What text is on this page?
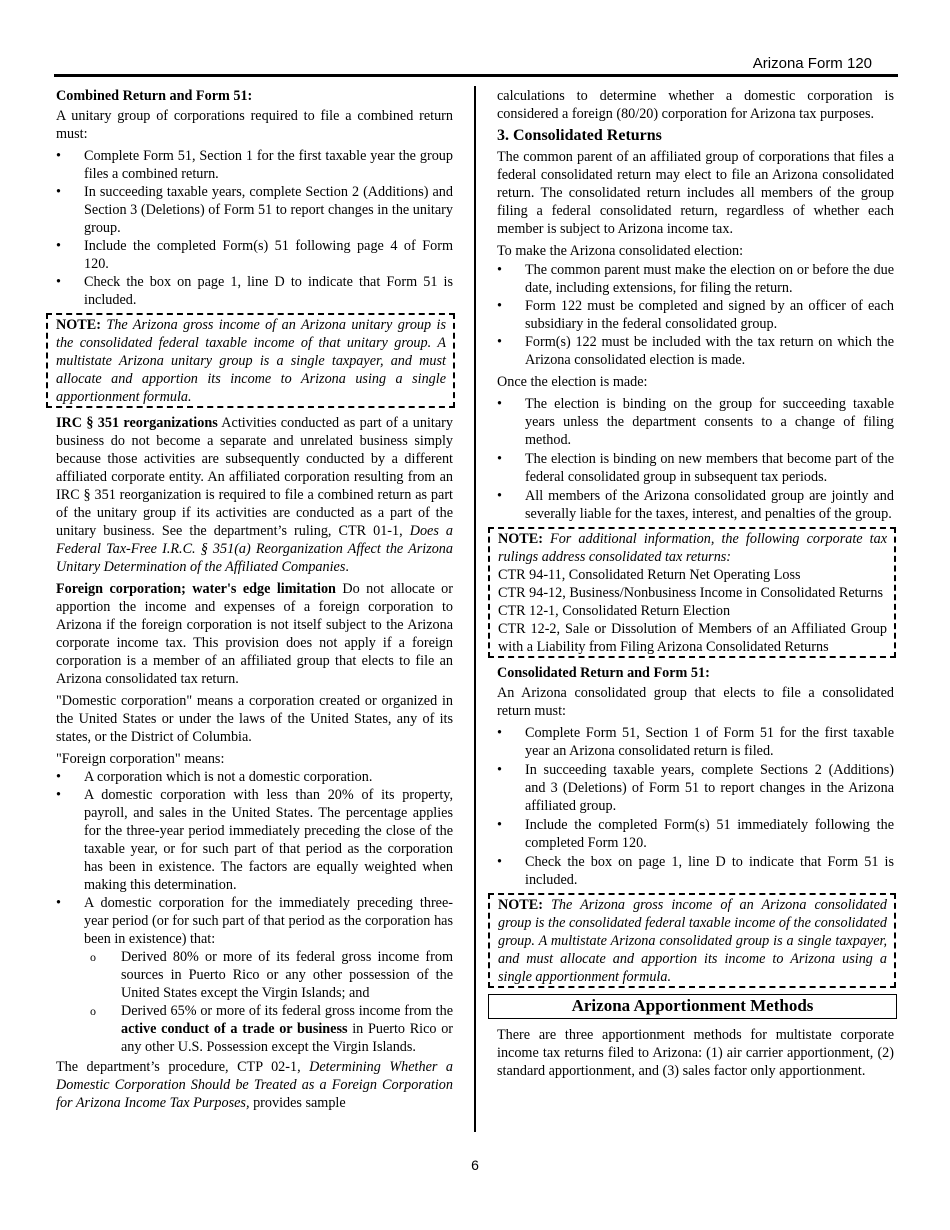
Arizona Form 120
Combined Return and Form 51:

A unitary group of corporations required to file a combined return must:

• Complete Form 51, Section 1 for the first taxable year the group files a combined return.
• In succeeding taxable years, complete Section 2 (Additions) and Section 3 (Deletions) of Form 51 to report changes in the unitary group.
• Include the completed Form(s) 51 following page 4 of Form 120.
• Check the box on page 1, line D to indicate that Form 51 is included.

NOTE: The Arizona gross income of an Arizona unitary group is the consolidated federal taxable income of that unitary group. A multistate Arizona unitary group is a single taxpayer, and must allocate and apportion its income to Arizona using a single apportionment formula.

IRC § 351 reorganizations Activities conducted as part of a unitary business do not become a separate and unrelated business simply because those activities are subsequently conducted by a different affiliated corporate entity. An affiliated corporation resulting from an IRC § 351 reorganization is required to file a combined return as part of the unitary group if its activities are conducted as a part of the unitary business. See the department’s ruling, CTR 01-1, Does a Federal Tax-Free I.R.C. § 351(a) Reorganization Affect the Arizona Unitary Determination of the Affiliated Companies.

Foreign corporation; water's edge limitation Do not allocate or apportion the income and expenses of a foreign corporation to Arizona if the foreign corporation is not itself subject to the Arizona corporate income tax. This provision does not apply if a foreign corporation is a member of an affiliated group that elects to file an Arizona consolidated tax return.

"Domestic corporation" means a corporation created or organized in the United States or under the laws of the United States, any of its states, or the District of Columbia.

"Foreign corporation" means:

• A corporation which is not a domestic corporation.
• A domestic corporation with less than 20% of its property, payroll, and sales in the United States. The percentage applies for the three-year period immediately preceding the close of the taxable year, or for such part of that period as the corporation has been in existence. The factors are equally weighted when making this determination.
• A domestic corporation for the immediately preceding three-year period (or for such part of that period as the corporation has been in existence) that:
o Derived 80% or more of its federal gross income from sources in Puerto Rico or any other possession of the United States except the Virgin Islands; and
o Derived 65% or more of its federal gross income from the active conduct of a trade or business in Puerto Rico or any other U.S. Possession except the Virgin Islands.

The department’s procedure, CTP 02-1, Determining Whether a Domestic Corporation Should be Treated as a Foreign Corporation for Arizona Income Tax Purposes, provides sample

calculations to determine whether a domestic corporation is considered a foreign (80/20) corporation for Arizona tax purposes.

3. Consolidated Returns

The common parent of an affiliated group of corporations that files a federal consolidated return may elect to file an Arizona consolidated return. The consolidated return includes all members of the group filing a federal consolidated return, regardless of whether each member is subject to Arizona income tax.

To make the Arizona consolidated election:

• The common parent must make the election on or before the due date, including extensions, for filing the return.
• Form 122 must be completed and signed by an officer of each subsidiary in the federal consolidated group.
• Form(s) 122 must be included with the tax return on which the Arizona consolidated election is made.

Once the election is made:

• The election is binding on the group for succeeding taxable years unless the department consents to a change of filing method.
• The election is binding on new members that become part of the federal consolidated group in subsequent tax periods.
• All members of the Arizona consolidated group are jointly and severally liable for the taxes, interest, and penalties of the group.

NOTE: For additional information, the following corporate tax rulings address consolidated tax returns:

CTR 94-11, Consolidated Return Net Operating Loss

CTR 94-12, Business/Nonbusiness Income in Consolidated Returns

CTR 12-1, Consolidated Return Election

CTR 12-2, Sale or Dissolution of Members of an Affiliated Group with a Liability from Filing Arizona Consolidated Returns

Consolidated Return and Form 51:

An Arizona consolidated group that elects to file a consolidated return must:

• Complete Form 51, Section 1 of Form 51 for the first taxable year an Arizona consolidated return is filed.
• In succeeding taxable years, complete Sections 2 (Additions) and 3 (Deletions) of Form 51 to report changes in the Arizona affiliated group.
• Include the completed Form(s) 51 immediately following the completed Form 120.
• Check the box on page 1, line D to indicate that Form 51 is included.

NOTE: The Arizona gross income of an Arizona consolidated group is the consolidated federal taxable income of the consolidated group. A multistate Arizona consolidated group is a single taxpayer, and must allocate and apportion its income to Arizona using a single apportionment formula.

Arizona Apportionment Methods

There are three apportionment methods for multistate corporate income tax returns filed to Arizona: (1) air carrier apportionment, (2) standard apportionment, and (3) sales factor only apportionment.

6
